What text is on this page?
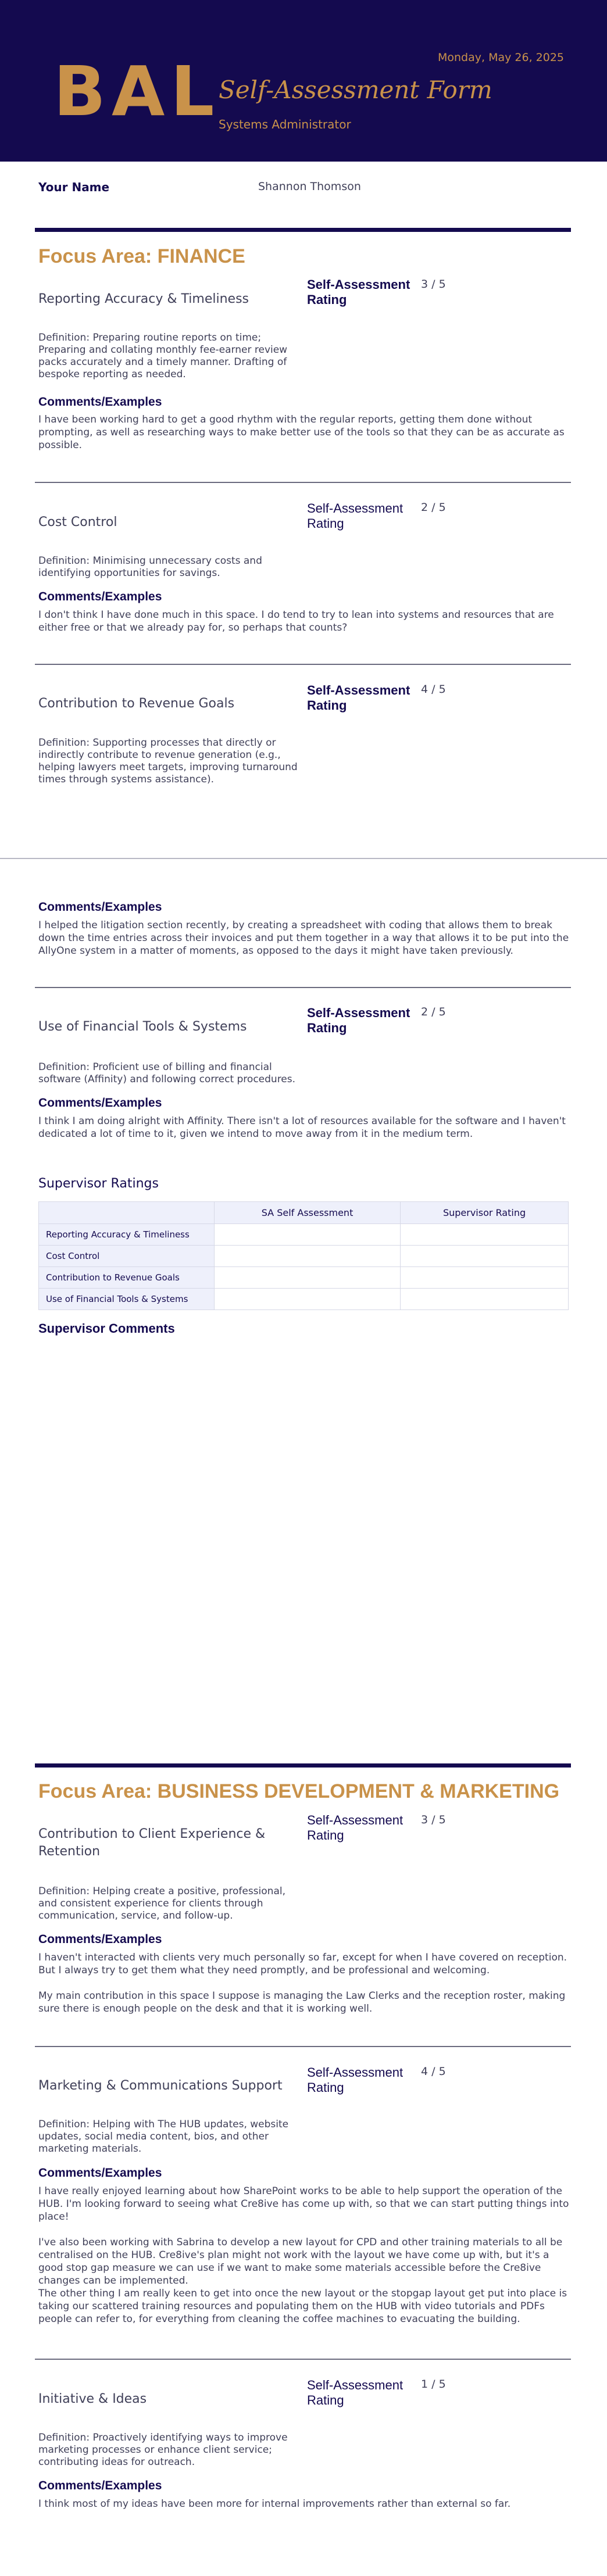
BAL	Monday, May 26, 2025
Self-Assessment Form
Systems Administrator
Your Name	Shannon Thomson
Focus Area: FINANCE
Reporting Accuracy & Timeliness
Self-Assessment Rating
3 / 5
Definition: Preparing routine reports on time; Preparing and collating monthly fee-earner review packs accurately and a timely manner. Drafting of bespoke reporting as needed.
Comments/Examples

I have been working hard to get a good rhythm with the regular reports, getting them done without prompting, as well as researching ways to make better use of the tools so that they can be as accurate as possible.

Cost Control
Self-Assessment Rating
2 / 5
Definition: Minimising unnecessary costs and identifying opportunities for savings.
Comments/Examples

I don't think I have done much in this space. I do tend to try to lean into systems and resources that are either free or that we already pay for, so perhaps that counts?

Contribution to Revenue Goals
Self-Assessment Rating
4 / 5
Definition: Supporting processes that directly or indirectly contribute to revenue generation (e.g., helping lawyers meet targets, improving turnaround times through systems assistance).
Comments/Examples

I helped the litigation section recently, by creating a spreadsheet with coding that allows them to break down the time entries across their invoices and put them together in a way that allows it to be put into the AllyOne system in a matter of moments, as opposed to the days it might have taken previously.

Use of Financial Tools & Systems
Self-Assessment Rating
2 / 5
Definition: Proficient use of billing and financial software (Affinity) and following correct procedures.
Comments/Examples

I think I am doing alright with Affinity. There isn't a lot of resources available for the software and I haven't dedicated a lot of time to it, given we intend to move away from it in the medium term.

Supervisor Ratings
	SA Self Assessment	Supervisor Rating
Reporting Accuracy & Timeliness		
Cost Control		
Contribution to Revenue Goals		
Use of Financial Tools & Systems		
Supervisor Comments
Focus Area: BUSINESS DEVELOPMENT & MARKETING
Contribution to Client Experience & Retention
Self-Assessment Rating
3 / 5
Definition: Helping create a positive, professional, and consistent experience for clients through communication, service, and follow-up.
Comments/Examples

I haven't interacted with clients very much personally so far, except for when I have covered on reception. But I always try to get them what they need promptly, and be professional and welcoming.

My main contribution in this space I suppose is managing the Law Clerks and the reception roster, making sure there is enough people on the desk and that it is working well.

Marketing & Communications Support
Self-Assessment Rating
4 / 5
Definition: Helping with The HUB updates, website updates, social media content, bios, and other marketing materials.
Comments/Examples

I have really enjoyed learning about how SharePoint works to be able to help support the operation of the HUB. I'm looking forward to seeing what Cre8ive has come up with, so that we can start putting things into place!

I've also been working with Sabrina to develop a new layout for CPD and other training materials to all be centralised on the HUB. Cre8ive's plan might not work with the layout we have come up with, but it's a good stop gap measure we can use if we want to make some materials accessible before the Cre8ive changes can be implemented.
The other thing I am really keen to get into once the new layout or the stopgap layout get put into place is taking our scattered training resources and populating them on the HUB with video tutorials and PDFs people can refer to, for everything from cleaning the coffee machines to evacuating the building.

Initiative & Ideas
Self-Assessment Rating
1 / 5
Definition: Proactively identifying ways to improve marketing processes or enhance client service; contributing ideas for outreach.
Comments/Examples

I think most of my ideas have been more for internal improvements rather than external so far.
